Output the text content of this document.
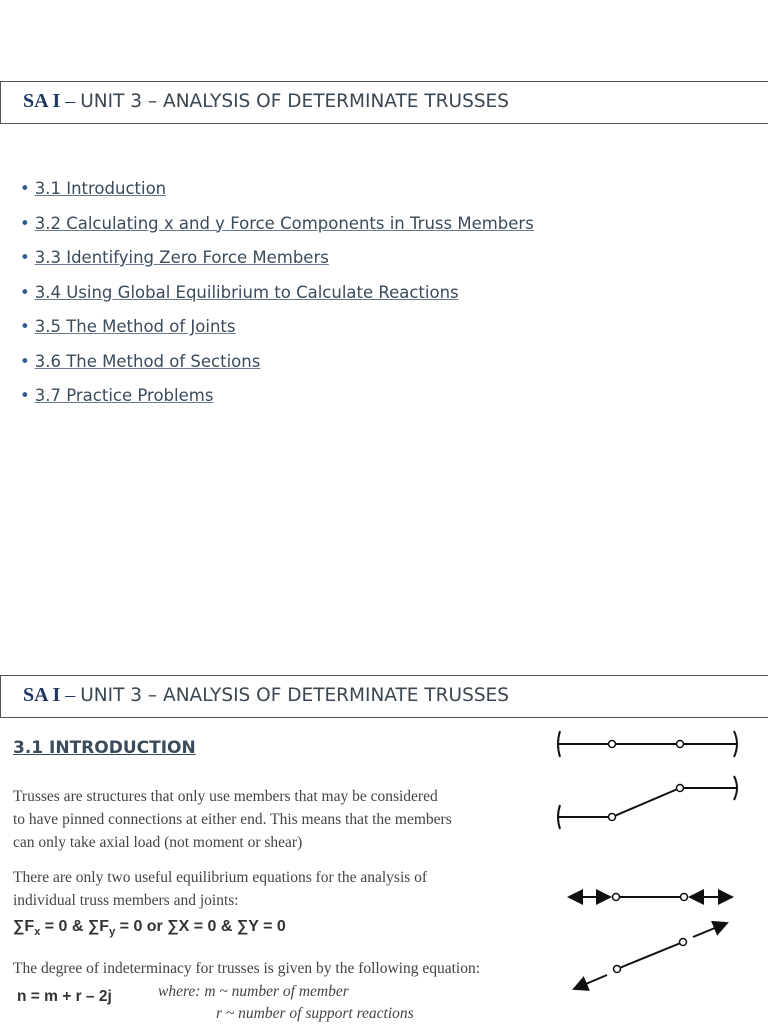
SA I – UNIT 3 – ANALYSIS OF DETERMINATE TRUSSES
• 3.1 Introduction
• 3.2 Calculating x and y Force Components in Truss Members
• 3.3 Identifying Zero Force Members
• 3.4 Using Global Equilibrium to Calculate Reactions
• 3.5 The Method of Joints
• 3.6 The Method of Sections
• 3.7 Practice Problems
SA I – UNIT 3 – ANALYSIS OF DETERMINATE TRUSSES
3.1 INTRODUCTION
Trusses are structures that only use members that may be considered
to have pinned connections at either end. This means that the members
can only take axial load (not moment or shear)
There are only two useful equilibrium equations for the analysis of
individual truss members and joints:
$\sum F_x = 0$ & $\sum F_y = 0$ or ∑X = 0 & ∑Y = 0
The degree of indeterminacy for trusses is given by the following equation:
n = m + r – 2j	where: m ~ number of member
r ~ number of support reactions
